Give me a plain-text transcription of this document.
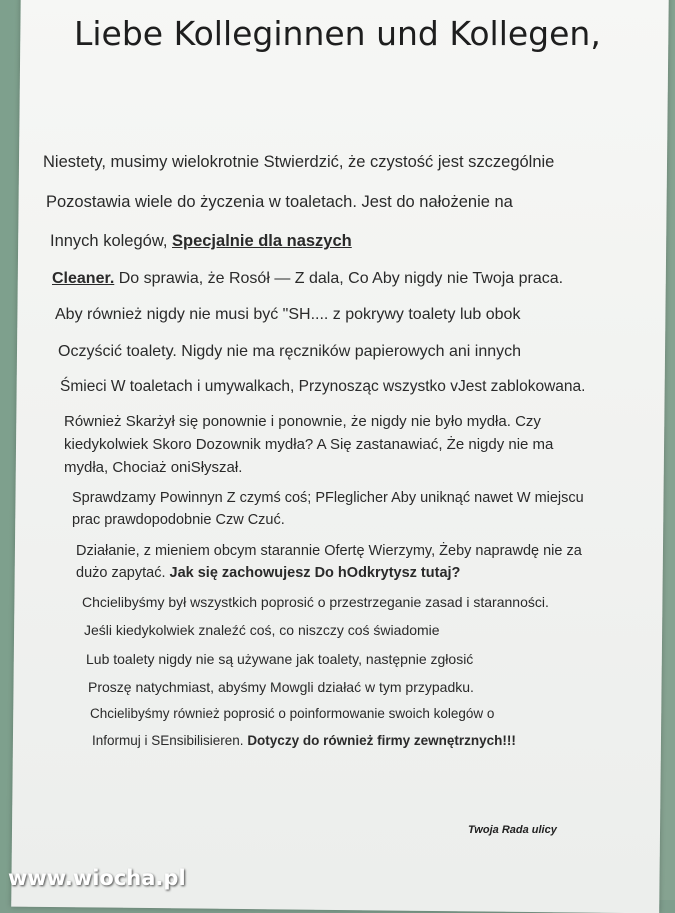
Liebe Kolleginnen und Kollegen,
Niestety, musimy wielokrotnie Stwierdzić, że czystość jest szczególnie
Pozostawia wiele do życzenia w toaletach. Jest do nałożenie na
Innych kolegów, Specjalnie dla naszych
Cleaner. Do sprawia, że Rosół — Z dala, Co Aby nigdy nie Twoja praca.
Aby również nigdy nie musi być "SH.... z pokrywy toalety lub obok
Oczyścić toalety. Nigdy nie ma ręczników papierowych ani innych
Śmieci W toaletach i umywalkach, Przynosząc wszystko vJest zablokowana.
Również Skarżył się ponownie i ponownie, że nigdy nie było mydła. Czy
kiedykolwiek Skoro Dozownik mydła? A Się zastanawiać, Że nigdy nie ma
mydła, Chociaż oniSłyszał.
Sprawdzamy Powinnyn Z czymś coś; PFleglicher Aby uniknąć nawet W miejscu
prac prawdopodobnie Czw Czuć.
Działanie, z mieniem obcym starannie Ofertę Wierzymy, Żeby naprawdę nie za
dużo zapytać. Jak się zachowujesz Do hOdkrytysz tutaj?
Chcielibyśmy był wszystkich poprosić o przestrzeganie zasad i staranności.
Jeśli kiedykolwiek znaleźć coś, co niszczy coś świadomie
Lub toalety nigdy nie są używane jak toalety, następnie zgłosić
Proszę natychmiast, abyśmy Mowgli działać w tym przypadku.
Chcielibyśmy również poprosić o poinformowanie swoich kolegów o
Informuj i SEnsibilisieren. Dotyczy do również firmy zewnętrznych!!!
Twoja Rada ulicy
www.wiocha.pl
